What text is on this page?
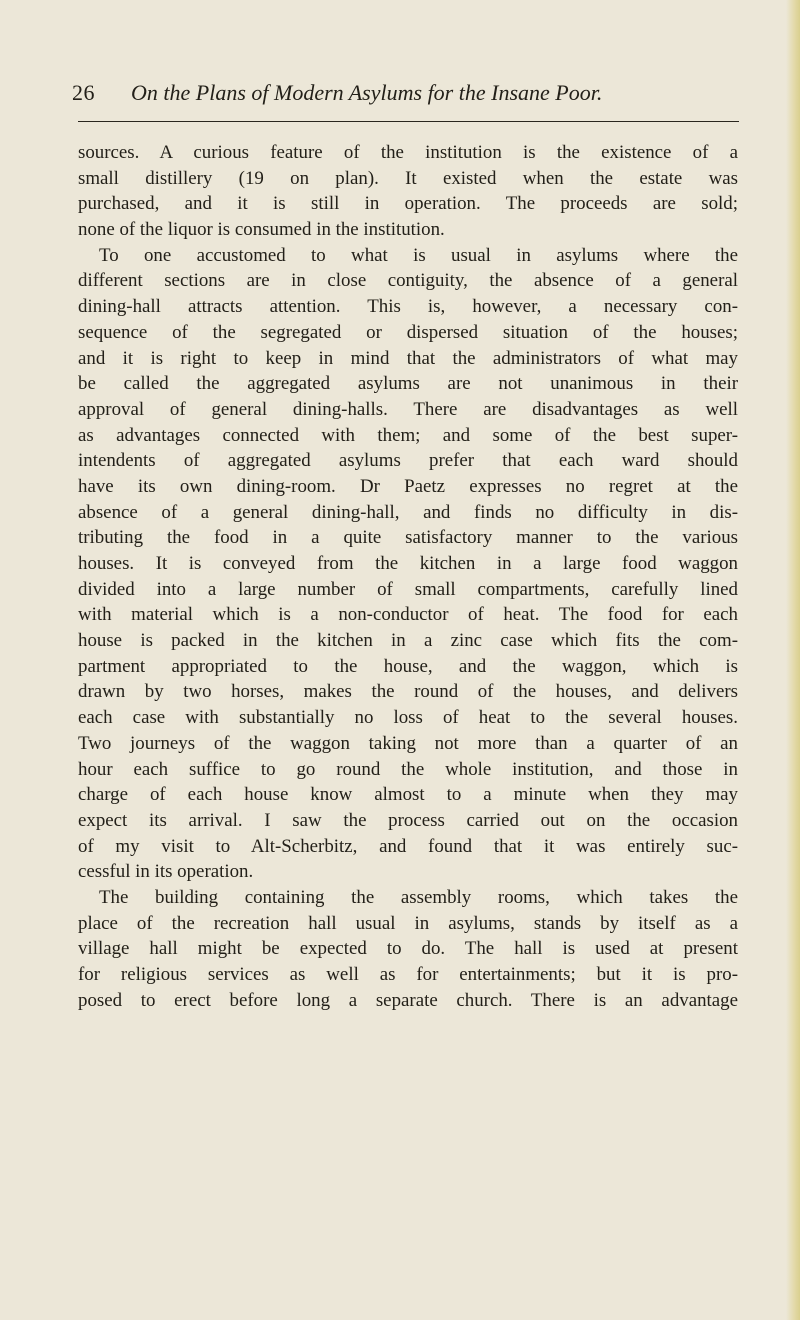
26 On the Plans of Modern Asylums for the Insane Poor.
sources. A curious feature of the institution is the existence of a
small distillery (19 on plan). It existed when the estate was
purchased, and it is still in operation. The proceeds are sold;
none of the liquor is consumed in the institution.
To one accustomed to what is usual in asylums where the
different sections are in close contiguity, the absence of a general
dining-hall attracts attention. This is, however, a necessary con-
sequence of the segregated or dispersed situation of the houses;
and it is right to keep in mind that the administrators of what may
be called the aggregated asylums are not unanimous in their
approval of general dining-halls. There are disadvantages as well
as advantages connected with them; and some of the best super-
intendents of aggregated asylums prefer that each ward should
have its own dining-room. Dr Paetz expresses no regret at the
absence of a general dining-hall, and finds no difficulty in dis-
tributing the food in a quite satisfactory manner to the various
houses. It is conveyed from the kitchen in a large food waggon
divided into a large number of small compartments, carefully lined
with material which is a non-conductor of heat. The food for each
house is packed in the kitchen in a zinc case which fits the com-
partment appropriated to the house, and the waggon, which is
drawn by two horses, makes the round of the houses, and delivers
each case with substantially no loss of heat to the several houses.
Two journeys of the waggon taking not more than a quarter of an
hour each suffice to go round the whole institution, and those in
charge of each house know almost to a minute when they may
expect its arrival. I saw the process carried out on the occasion
of my visit to Alt-Scherbitz, and found that it was entirely suc-
cessful in its operation.
The building containing the assembly rooms, which takes the
place of the recreation hall usual in asylums, stands by itself as a
village hall might be expected to do. The hall is used at present
for religious services as well as for entertainments; but it is pro-
posed to erect before long a separate church. There is an advantage
